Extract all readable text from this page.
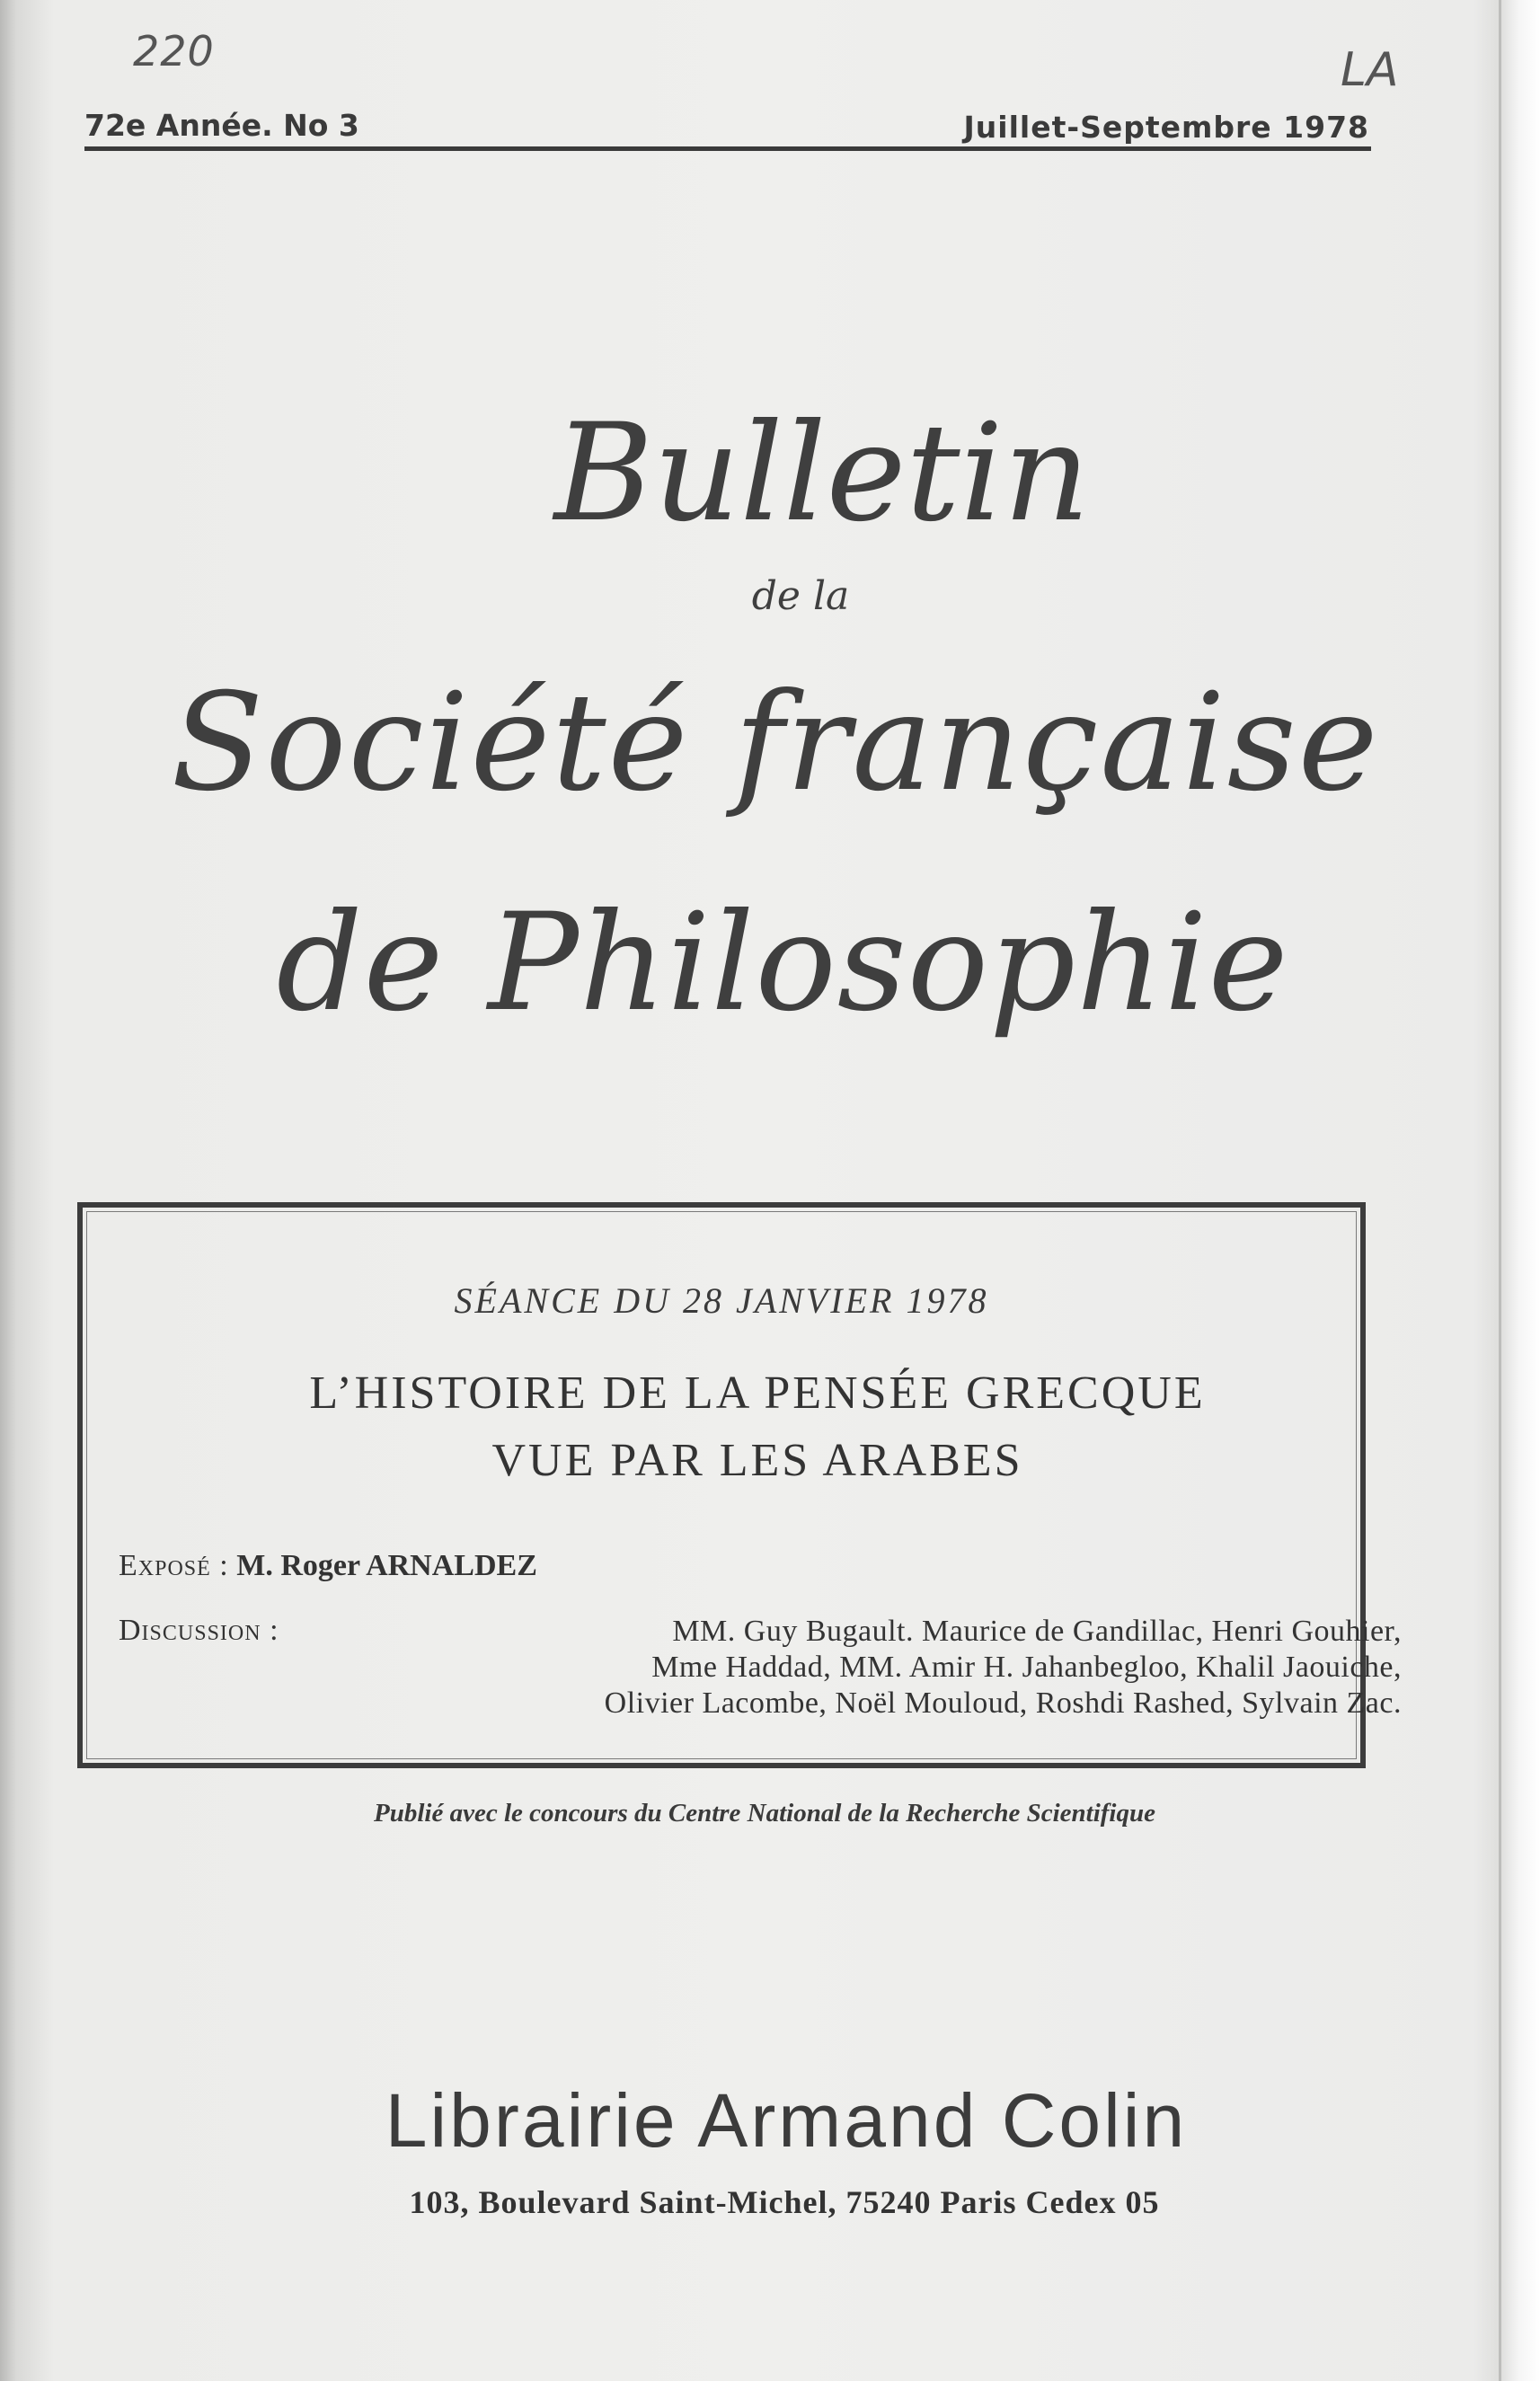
220	LA
72e Année. No 3	Juillet-Septembre 1978
Bulletin
de la
Société française
de Philosophie
SÉANCE DU 28 JANVIER 1978
L’HISTOIRE DE LA PENSÉE GRECQUE
VUE PAR LES ARABES
Exposé : M. Roger ARNALDEZ
Discussion :	MM. Guy Bugault. Maurice de Gandillac, Henri Gouhier,
Mme Haddad, MM. Amir H. Jahanbegloo, Khalil Jaouiche,
Olivier Lacombe, Noël Mouloud, Roshdi Rashed, Sylvain Zac.
Publié avec le concours du Centre National de la Recherche Scientifique
Librairie Armand Colin
103, Boulevard Saint-Michel, 75240 Paris Cedex 05
